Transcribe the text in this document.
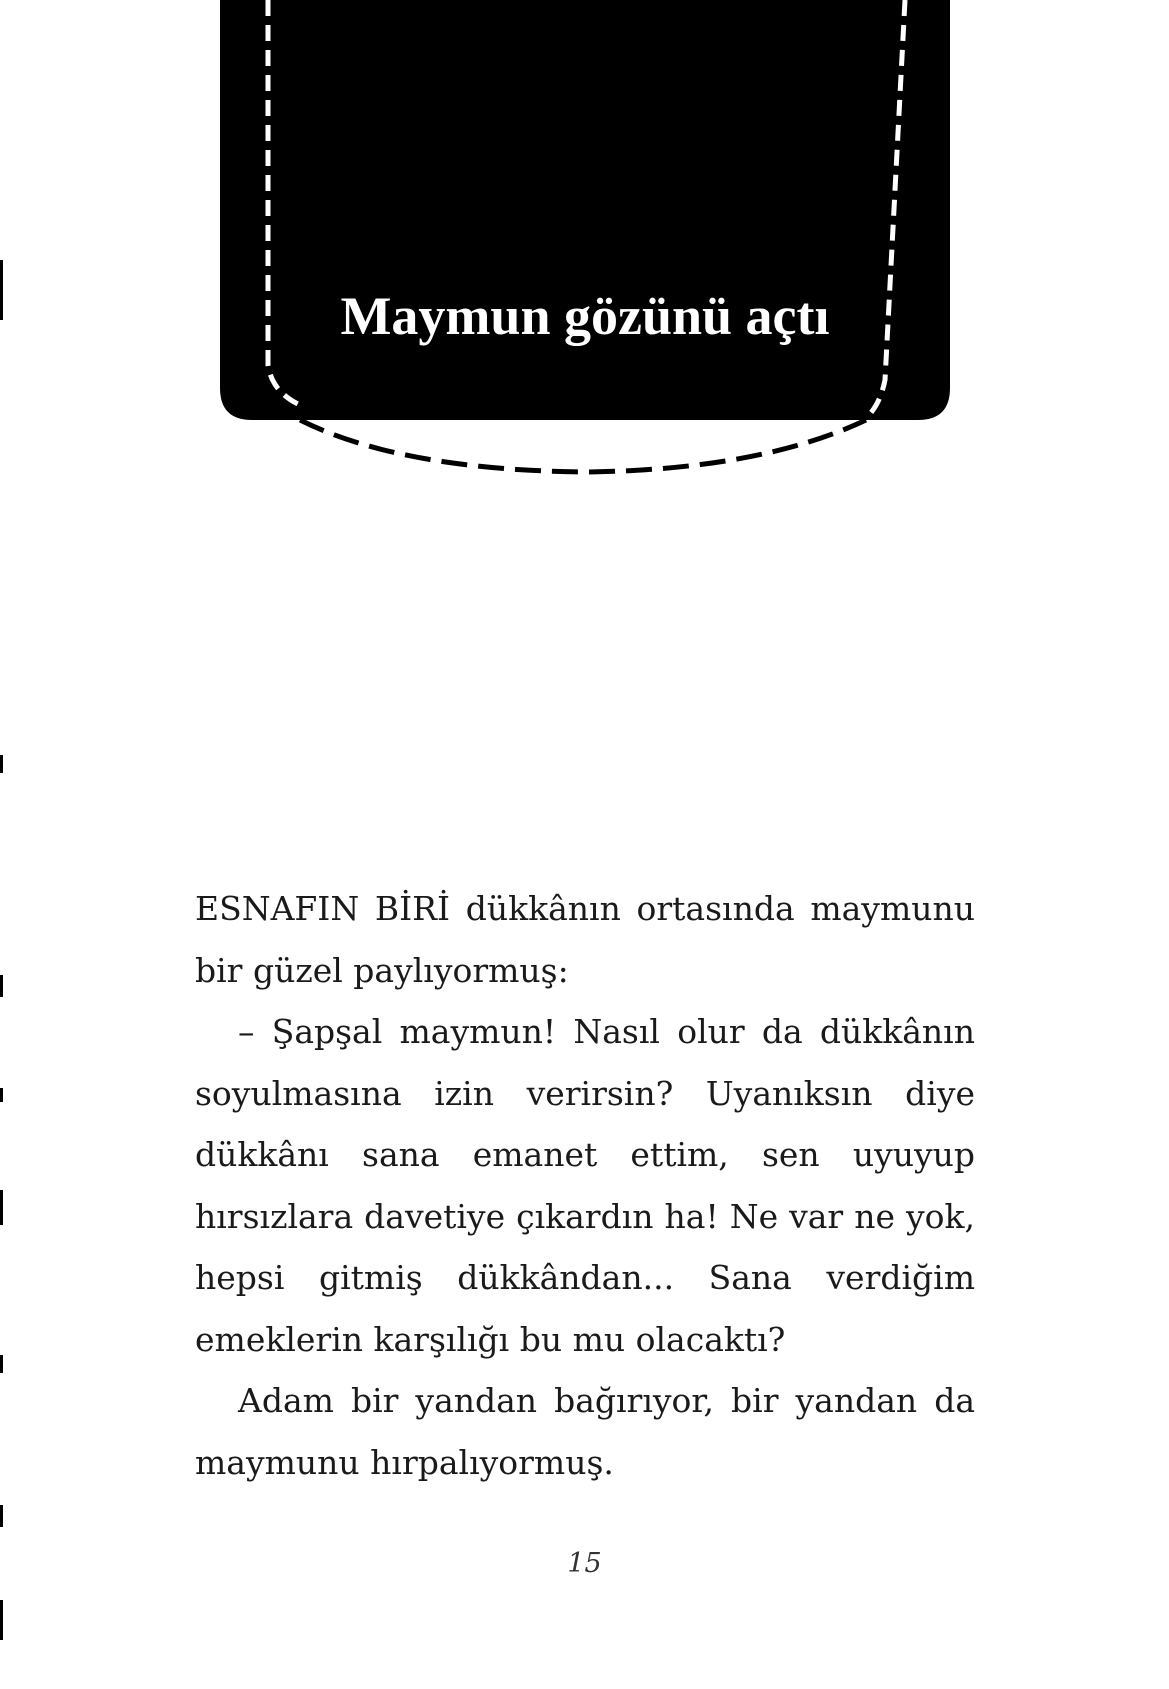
Maymun gözünü açtı

ESNAFIN BİRİ dükkânın ortasında maymunu bir güzel paylıyormuş:

– Şapşal maymun! Nasıl olur da dükkânın soyulmasına izin verirsin? Uyanıksın diye dükkânı sana emanet ettim, sen uyuyup hırsızlara davetiye çıkardın ha! Ne var ne yok, hepsi gitmiş dükkândan... Sana verdiğim emeklerin karşılığı bu mu olacaktı?

Adam bir yandan bağırıyor, bir yandan da maymunu hırpalıyormuş.

15
